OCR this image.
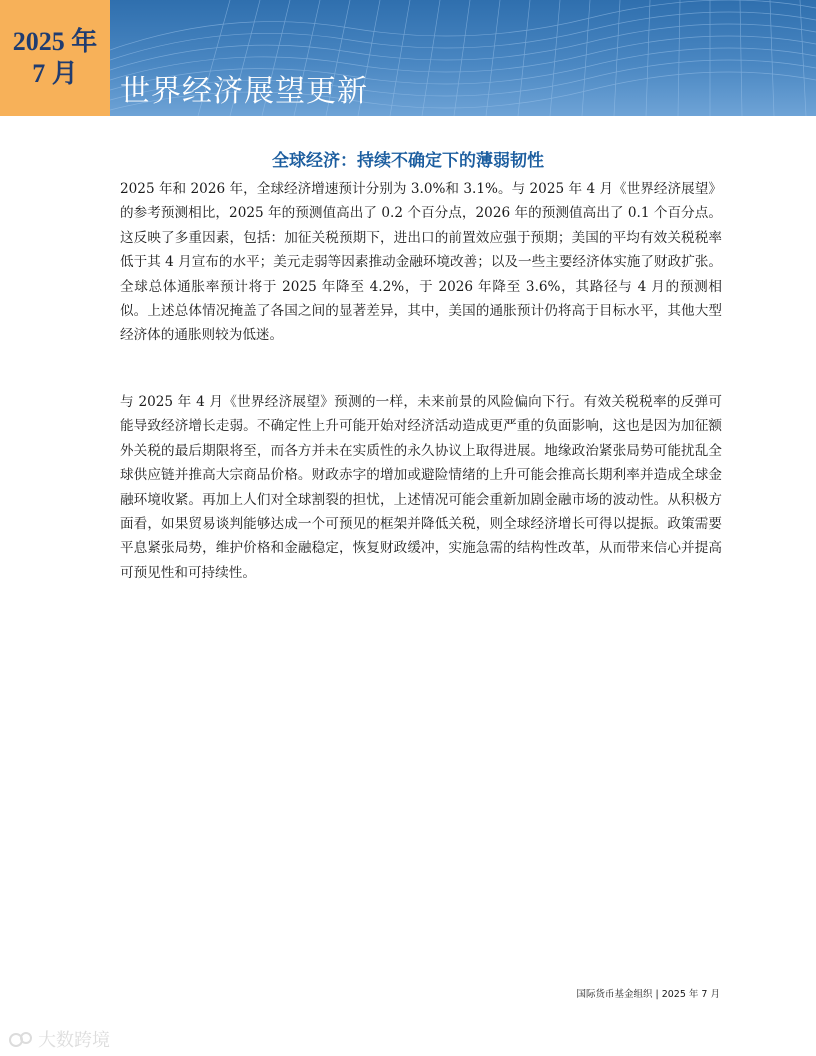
2025 年
7 月
世界经济展望更新
全球经济：持续不确定下的薄弱韧性

2025 年和 2026 年，全球经济增速预计分别为 3.0%和 3.1%。与 2025 年 4 月《世界经济展望》的参考预测相比，2025 年的预测值高出了 0.2 个百分点，2026 年的预测值高出了 0.1 个百分点。这反映了多重因素，包括：加征关税预期下，进出口的前置效应强于预期；美国的平均有效关税税率低于其 4 月宣布的水平；美元走弱等因素推动金融环境改善；以及一些主要经济体实施了财政扩张。全球总体通胀率预计将于 2025 年降至 4.2%，于 2026 年降至 3.6%，其路径与 4 月的预测相似。上述总体情况掩盖了各国之间的显著差异，其中，美国的通胀预计仍将高于目标水平，其他大型经济体的通胀则较为低迷。

与 2025 年 4 月《世界经济展望》预测的一样，未来前景的风险偏向下行。有效关税税率的反弹可能导致经济增长走弱。不确定性上升可能开始对经济活动造成更严重的负面影响，这也是因为加征额外关税的最后期限将至，而各方并未在实质性的永久协议上取得进展。地缘政治紧张局势可能扰乱全球供应链并推高大宗商品价格。财政赤字的增加或避险情绪的上升可能会推高长期利率并造成全球金融环境收紧。再加上人们对全球割裂的担忧，上述情况可能会重新加剧金融市场的波动性。从积极方面看，如果贸易谈判能够达成一个可预见的框架并降低关税，则全球经济增长可得以提振。政策需要平息紧张局势，维护价格和金融稳定，恢复财政缓冲，实施急需的结构性改革，从而带来信心并提高可预见性和可持续性。

国际货币基金组织 | 2025 年 7 月
大数跨境
